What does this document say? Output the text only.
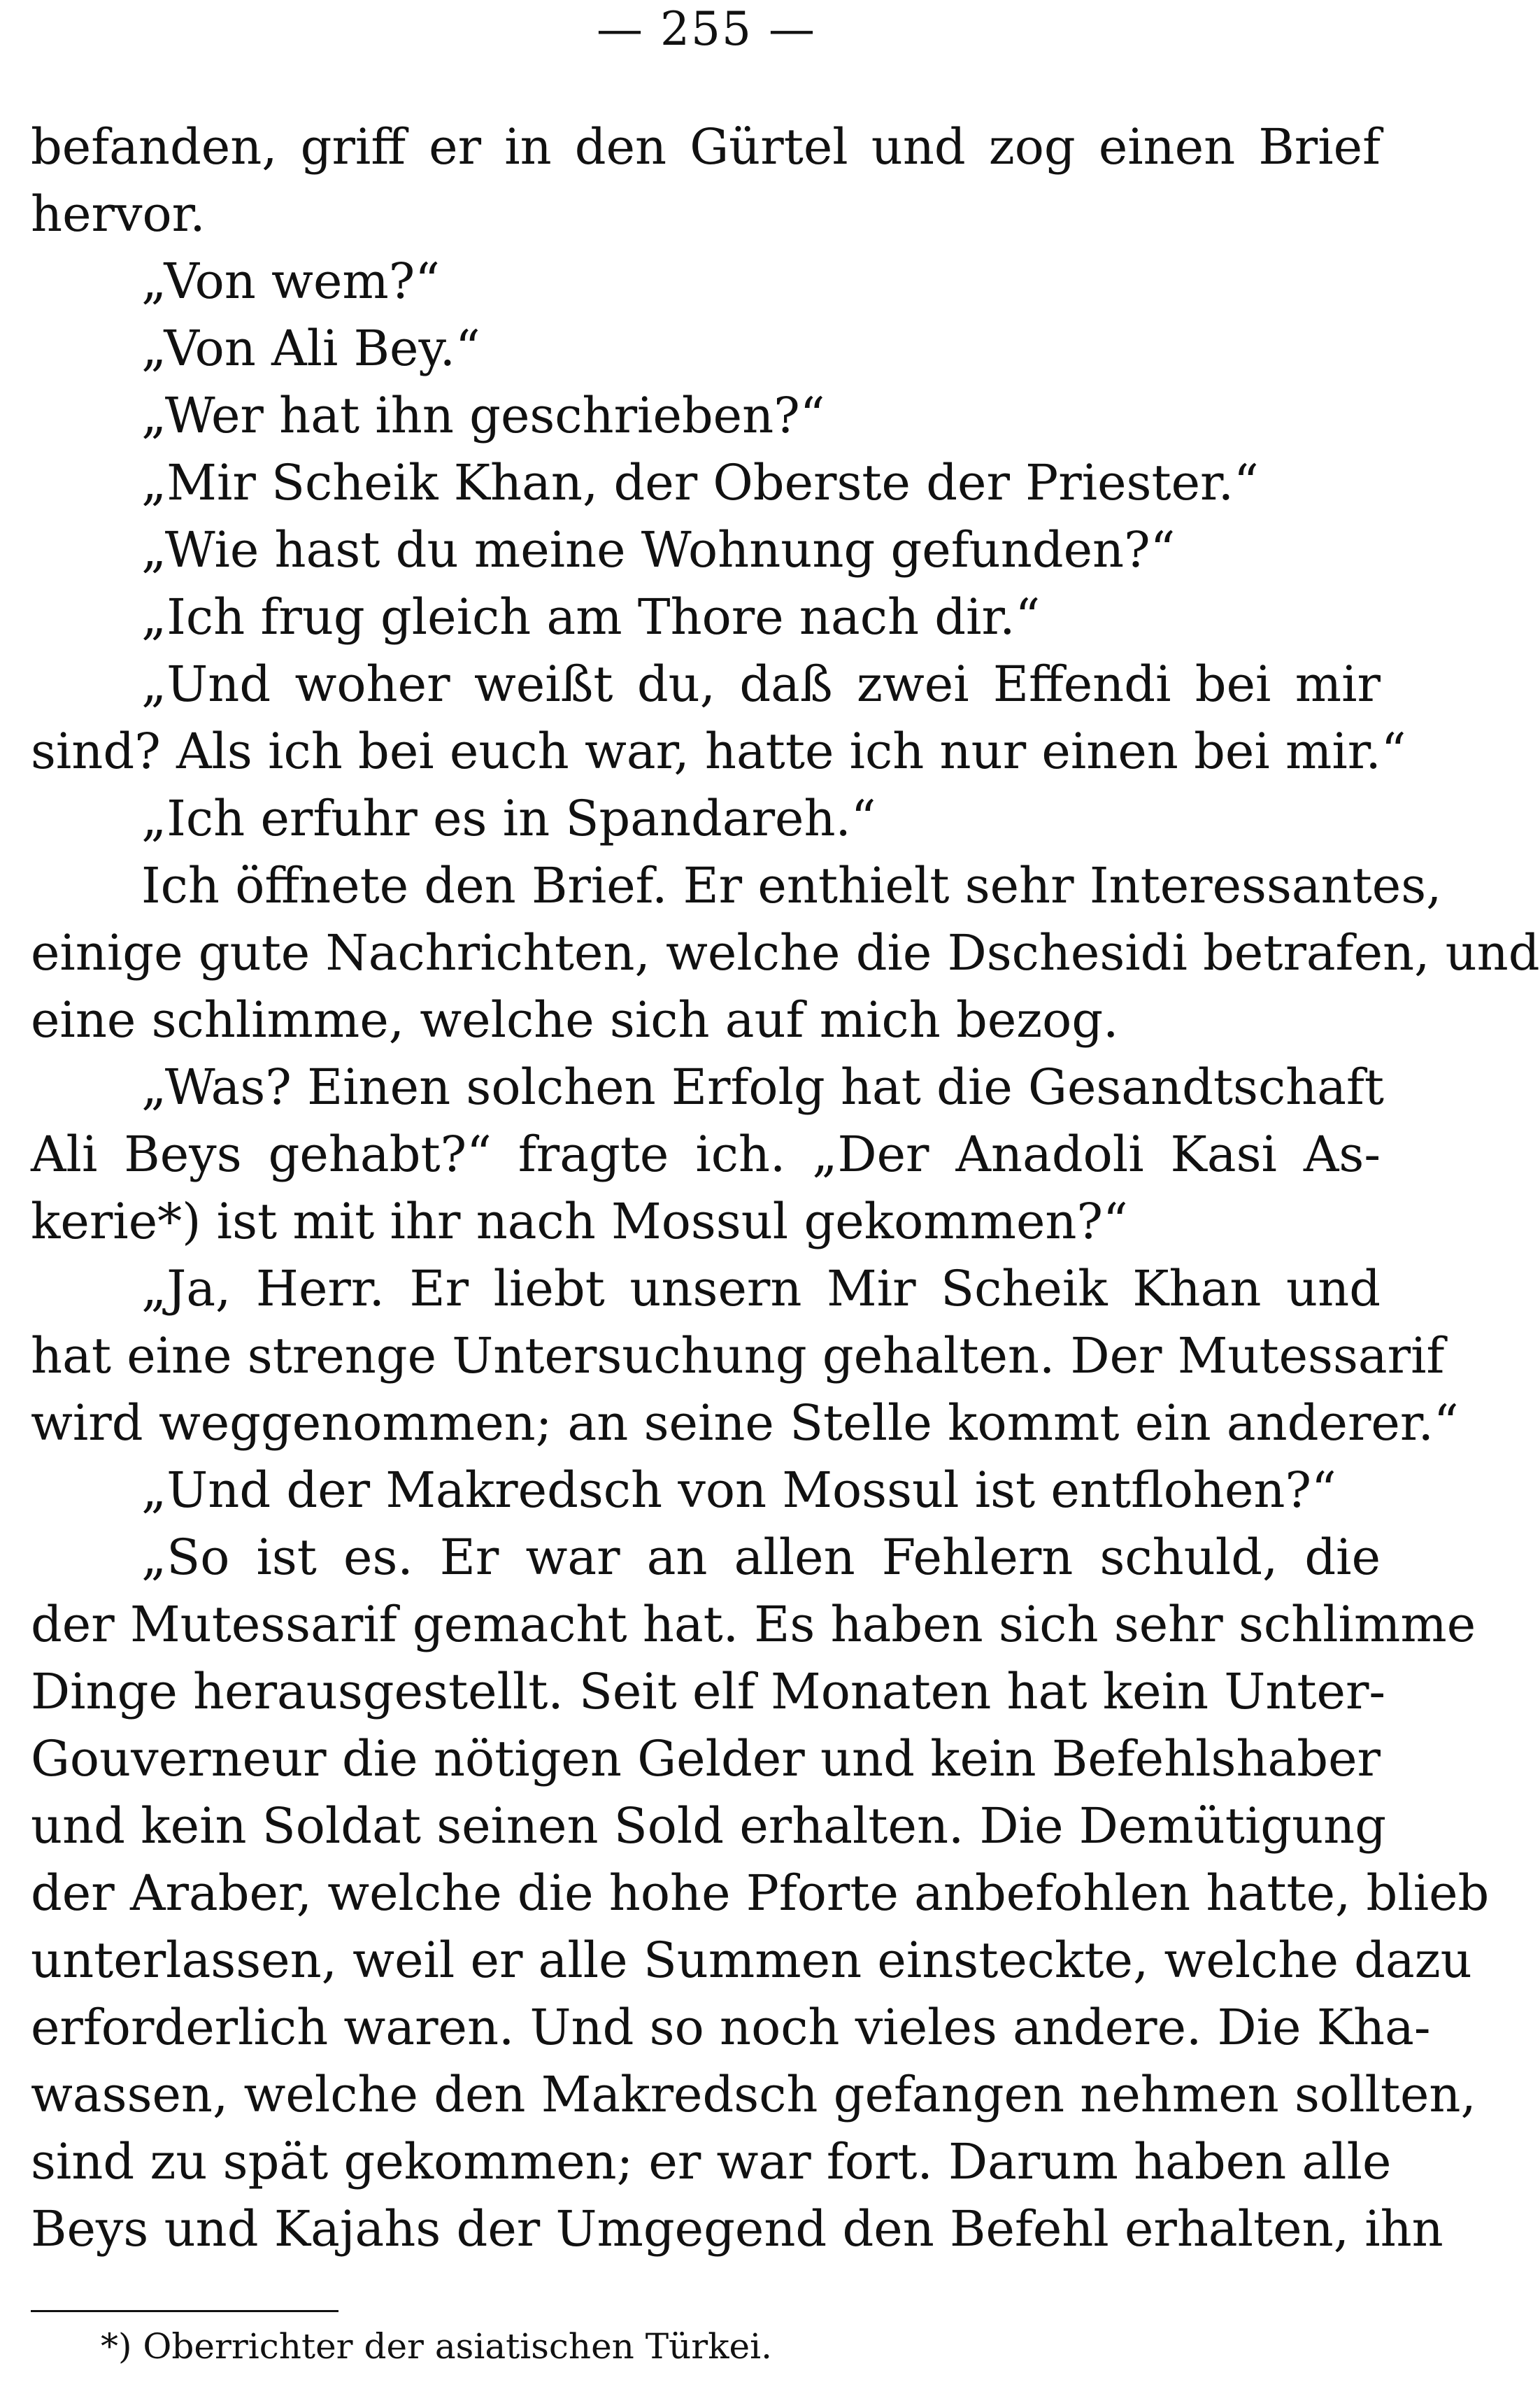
— 255 —
befanden, griff er in den Gürtel und zog einen Brief
hervor.
„Von wem?“
„Von Ali Bey.“
„Wer hat ihn geschrieben?“
„Mir Scheik Khan, der Oberste der Priester.“
„Wie hast du meine Wohnung gefunden?“
„Ich frug gleich am Thore nach dir.“
„Und woher weißt du, daß zwei Effendi bei mir
sind? Als ich bei euch war, hatte ich nur einen bei mir.“
„Ich erfuhr es in Spandareh.“
Ich öffnete den Brief. Er enthielt sehr Interessantes,
einige gute Nachrichten, welche die Dschesidi betrafen, und
eine schlimme, welche sich auf mich bezog.
„Was? Einen solchen Erfolg hat die Gesandtschaft
Ali Beys gehabt?“ fragte ich. „Der Anadoli Kasi As-
kerie*) ist mit ihr nach Mossul gekommen?“
„Ja, Herr. Er liebt unsern Mir Scheik Khan und
hat eine strenge Untersuchung gehalten. Der Mutessarif
wird weggenommen; an seine Stelle kommt ein anderer.“
„Und der Makredsch von Mossul ist entflohen?“
„So ist es. Er war an allen Fehlern schuld, die
der Mutessarif gemacht hat. Es haben sich sehr schlimme
Dinge herausgestellt. Seit elf Monaten hat kein Unter-
Gouverneur die nötigen Gelder und kein Befehlshaber
und kein Soldat seinen Sold erhalten. Die Demütigung
der Araber, welche die hohe Pforte anbefohlen hatte, blieb
unterlassen, weil er alle Summen einsteckte, welche dazu
erforderlich waren. Und so noch vieles andere. Die Kha-
wassen, welche den Makredsch gefangen nehmen sollten,
sind zu spät gekommen; er war fort. Darum haben alle
Beys und Kajahs der Umgegend den Befehl erhalten, ihn
*) Oberrichter der asiatischen Türkei.
